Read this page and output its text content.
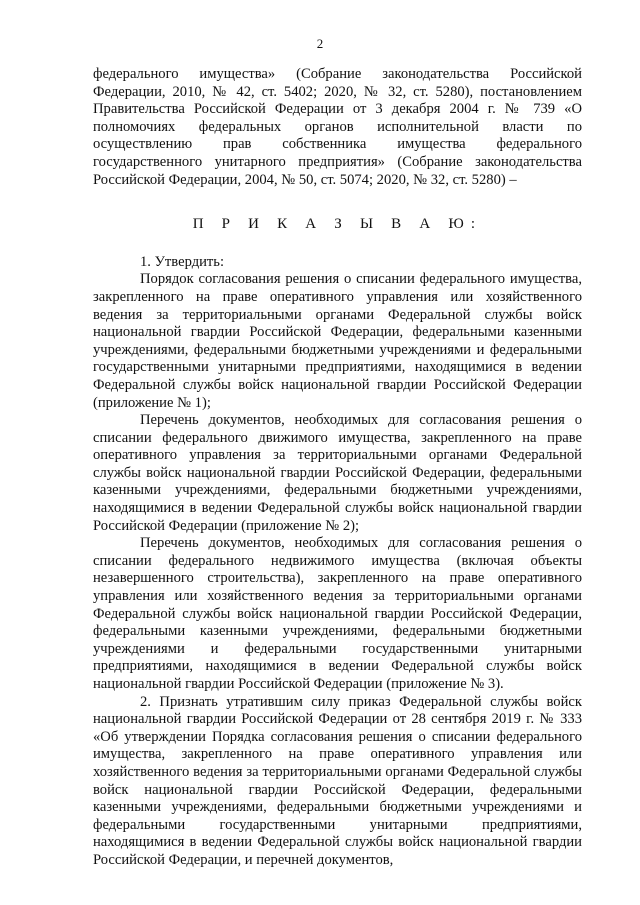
2

федерального имущества» (Собрание законодательства Российской Федерации, 2010, № 42, ст. 5402; 2020, № 32, ст. 5280), постановлением Правительства Российской Федерации от 3 декабря 2004 г. № 739 «О полномочиях федеральных органов исполнительной власти по осуществлению прав собственника имущества федерального государственного унитарного предприятия» (Собрание законодательства Российской Федерации, 2004, № 50, ст. 5074; 2020, № 32, ст. 5280) –

П Р И К А З Ы В А Ю:

1. Утвердить:

Порядок согласования решения о списании федерального имущества, закрепленного на праве оперативного управления или хозяйственного ведения за территориальными органами Федеральной службы войск национальной гвардии Российской Федерации, федеральными казенными учреждениями, федеральными бюджетными учреждениями и федеральными государственными унитарными предприятиями, находящимися в ведении Федеральной службы войск национальной гвардии Российской Федерации (приложение № 1);

Перечень документов, необходимых для согласования решения о списании федерального движимого имущества, закрепленного на праве оперативного управления за территориальными органами Федеральной службы войск национальной гвардии Российской Федерации, федеральными казенными учреждениями, федеральными бюджетными учреждениями, находящимися в ведении Федеральной службы войск национальной гвардии Российской Федерации (приложение № 2);

Перечень документов, необходимых для согласования решения о списании федерального недвижимого имущества (включая объекты незавершенного строительства), закрепленного на праве оперативного управления или хозяйственного ведения за территориальными органами Федеральной службы войск национальной гвардии Российской Федерации, федеральными казенными учреждениями, федеральными бюджетными учреждениями и федеральными государственными унитарными предприятиями, находящимися в ведении Федеральной службы войск национальной гвардии Российской Федерации (приложение № 3).

2. Признать утратившим силу приказ Федеральной службы войск национальной гвардии Российской Федерации от 28 сентября 2019 г. № 333 «Об утверждении Порядка согласования решения о списании федерального имущества, закрепленного на праве оперативного управления или хозяйственного ведения за территориальными органами Федеральной службы войск национальной гвардии Российской Федерации, федеральными казенными учреждениями, федеральными бюджетными учреждениями и федеральными государственными унитарными предприятиями, находящимися в ведении Федеральной службы войск национальной гвардии Российской Федерации, и перечней документов,
